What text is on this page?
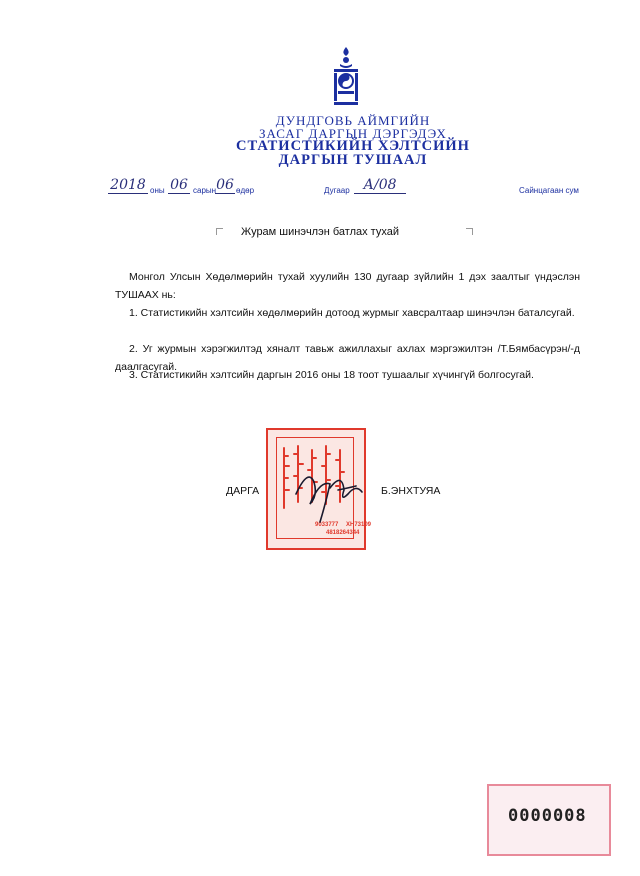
ДУНДГОВЬ АЙМГИЙН
ЗАСАГ ДАРГЫН ДЭРГЭДЭХ
СТАТИСТИКИЙН ХЭЛТСИЙН
ДАРГЫН ТУШААЛ
2018 оны 06 сарын 06 өдөр	Дугаар А/08	Сайнцагаан сум
Журам шинэчлэн батлах тухай
Монгол Улсын Хөдөлмөрийн тухай хуулийн 130 дугаар зүйлийн 1 дэх заалтыг үндэслэн ТУШААХ нь:
1. Статистикийн хэлтсийн хөдөлмөрийн дотоод журмыг хавсралтаар шинэчлэн баталсугай.
2. Уг журмын хэрэгжилтэд хяналт тавьж ажиллахыг ахлах мэргэжилтэн /Т.Бямбасүрэн/-д даалгасугай.
3. Статистикийн хэлтсийн даргын 2016 оны 18 тоот тушаалыг хүчингүй болгосугай.
9033777 ХН73109
4818264344
ДАРГА	Б.ЭНХТУЯА
0000008
